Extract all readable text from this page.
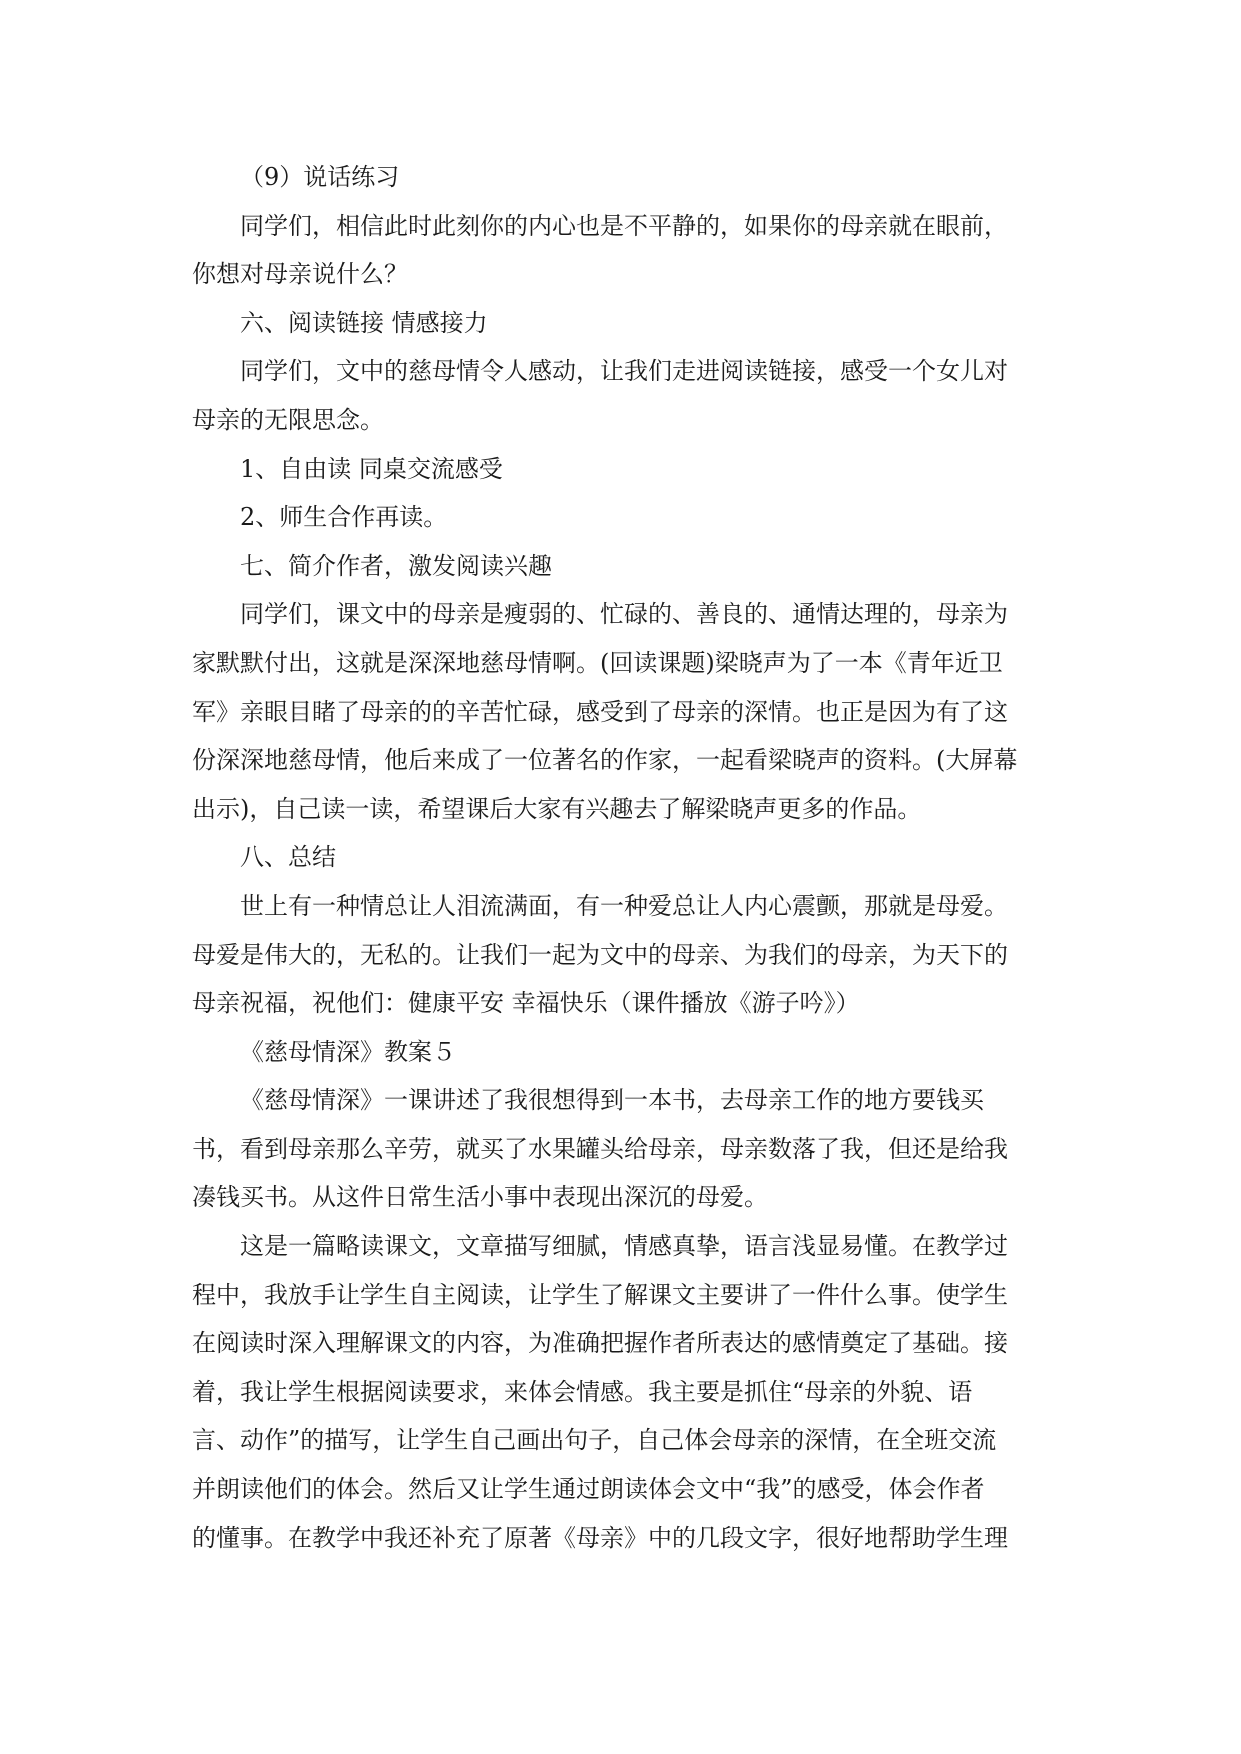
（9）说话练习

同学们，相信此时此刻你的内心也是不平静的，如果你的母亲就在眼前，

你想对母亲说什么？

六、阅读链接 情感接力

同学们，文中的慈母情令人感动，让我们走进阅读链接，感受一个女儿对

母亲的无限思念。

1、自由读 同桌交流感受

2、师生合作再读。

七、简介作者，激发阅读兴趣

同学们，课文中的母亲是瘦弱的、忙碌的、善良的、通情达理的，母亲为

家默默付出，这就是深深地慈母情啊。(回读课题)梁晓声为了一本《青年近卫

军》亲眼目睹了母亲的的辛苦忙碌，感受到了母亲的深情。也正是因为有了这

份深深地慈母情，他后来成了一位著名的作家，一起看梁晓声的资料。(大屏幕

出示)，自己读一读，希望课后大家有兴趣去了解梁晓声更多的作品。

八、总结

世上有一种情总让人泪流满面，有一种爱总让人内心震颤，那就是母爱。

母爱是伟大的，无私的。让我们一起为文中的母亲、为我们的母亲，为天下的

母亲祝福，祝他们：健康平安 幸福快乐（课件播放《游子吟》）

《慈母情深》教案５

《慈母情深》一课讲述了我很想得到一本书，去母亲工作的地方要钱买

书，看到母亲那么辛劳，就买了水果罐头给母亲，母亲数落了我，但还是给我

凑钱买书。从这件日常生活小事中表现出深沉的母爱。

这是一篇略读课文，文章描写细腻，情感真挚，语言浅显易懂。在教学过

程中，我放手让学生自主阅读，让学生了解课文主要讲了一件什么事。使学生

在阅读时深入理解课文的内容，为准确把握作者所表达的感情奠定了基础。接

着，我让学生根据阅读要求，来体会情感。我主要是抓住“母亲的外貌、语

言、动作”的描写，让学生自己画出句子，自己体会母亲的深情，在全班交流

并朗读他们的体会。然后又让学生通过朗读体会文中“我”的感受，体会作者

的懂事。在教学中我还补充了原著《母亲》中的几段文字，很好地帮助学生理
